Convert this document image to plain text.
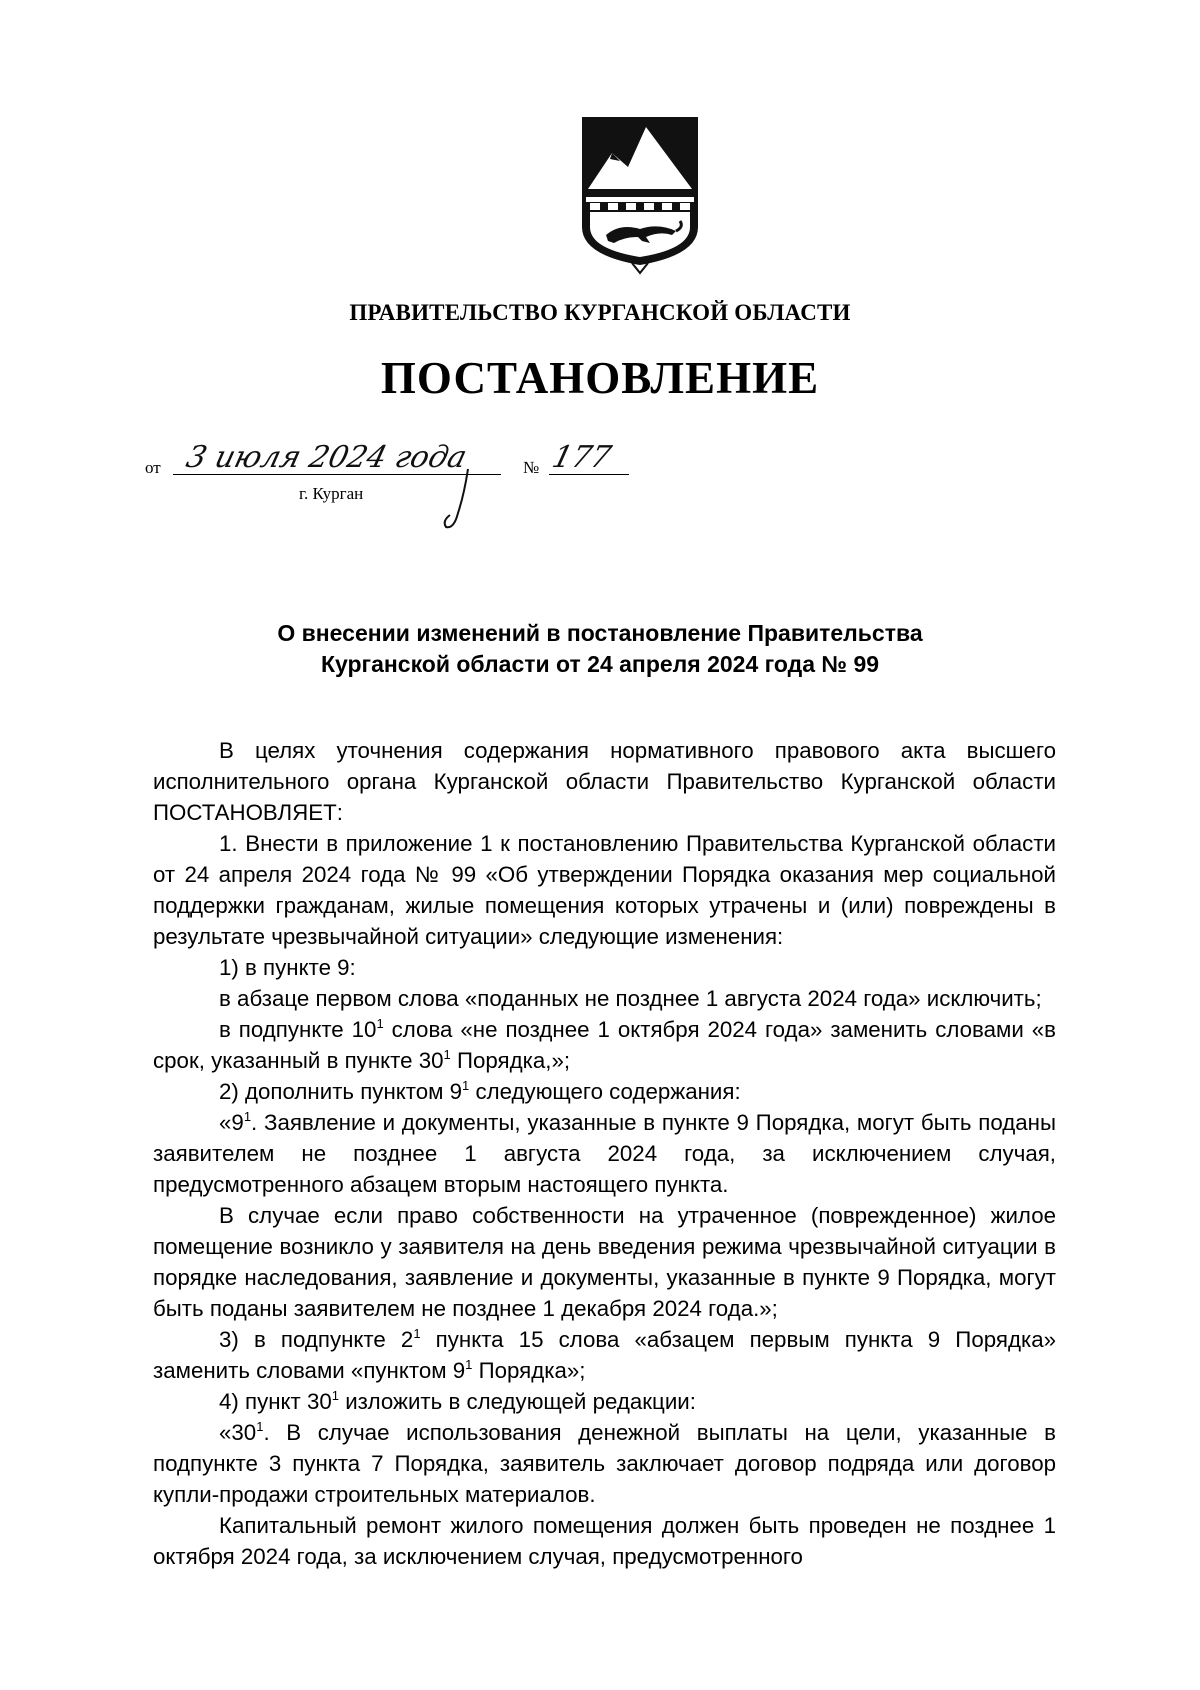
ПРАВИТЕЛЬСТВО КУРГАНСКОЙ ОБЛАСТИ
ПОСТАНОВЛЕНИЕ
от 3 июля 2024 года	№ 177
г. Курган
О внесении изменений в постановление Правительства
Курганской области от 24 апреля 2024 года № 99

В целях уточнения содержания нормативного правового акта высшего исполнительного органа Курганской области Правительство Курганской области ПОСТАНОВЛЯЕТ:

1. Внести в приложение 1 к постановлению Правительства Курганской области от 24 апреля 2024 года № 99 «Об утверждении Порядка оказания мер социальной поддержки гражданам, жилые помещения которых утрачены и (или) повреждены в результате чрезвычайной ситуации» следующие изменения:

1) в пункте 9:

в абзаце первом слова «поданных не позднее 1 августа 2024 года» исключить;

в подпункте $10^1$ слова «не позднее 1 октября 2024 года» заменить словами «в срок, указанный в пункте $30^1$ Порядка,»;

2) дополнить пунктом $9^1$ следующего содержания:

«$9^1$. Заявление и документы, указанные в пункте 9 Порядка, могут быть поданы заявителем не позднее 1 августа 2024 года, за исключением случая, предусмотренного абзацем вторым настоящего пункта.

В случае если право собственности на утраченное (поврежденное) жилое помещение возникло у заявителя на день введения режима чрезвычайной ситуации в порядке наследования, заявление и документы, указанные в пункте 9 Порядка, могут быть поданы заявителем не позднее 1 декабря 2024 года.»;

3) в подпункте $2^1$ пункта 15 слова «абзацем первым пункта 9 Порядка» заменить словами «пунктом $9^1$ Порядка»;

4) пункт $30^1$ изложить в следующей редакции:

«$30^1$. В случае использования денежной выплаты на цели, указанные в подпункте 3 пункта 7 Порядка, заявитель заключает договор подряда или договор купли-продажи строительных материалов.

Капитальный ремонт жилого помещения должен быть проведен не позднее 1 октября 2024 года, за исключением случая, предусмотренного
